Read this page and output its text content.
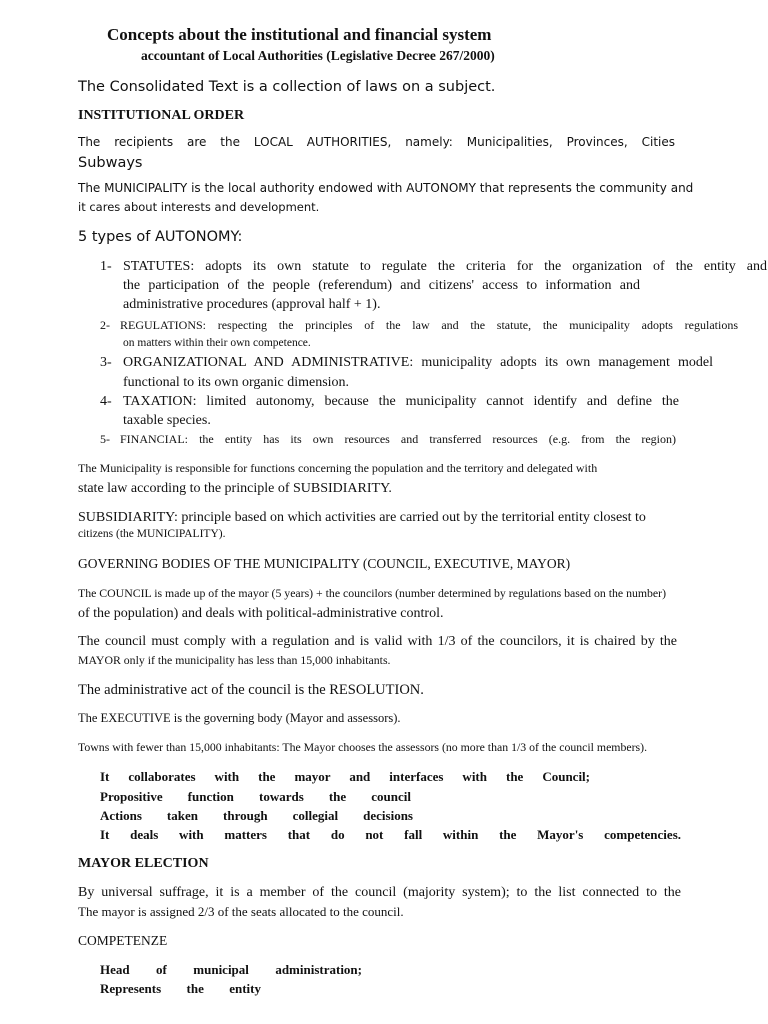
Concepts about the institutional and financial system
accountant of Local Authorities (Legislative Decree 267/2000)
The Consolidated Text is a collection of laws on a subject.
INSTITUTIONAL ORDER
The recipients are the LOCAL AUTHORITIES, namely: Municipalities, Provinces, Cities
Subways
The MUNICIPALITY is the local authority endowed with AUTONOMY that represents the community and
it cares about interests and development.
5 types of AUTONOMY:
1- STATUTES: adopts its own statute to regulate the criteria for the organization of the entity and
the participation of the people (referendum) and citizens' access to information and
administrative procedures (approval half + 1).
2- REGULATIONS: respecting the principles of the law and the statute, the municipality adopts regulations
on matters within their own competence.
3- ORGANIZATIONAL AND ADMINISTRATIVE: municipality adopts its own management model
functional to its own organic dimension.
4- TAXATION: limited autonomy, because the municipality cannot identify and define the
taxable species.
5- FINANCIAL: the entity has its own resources and transferred resources (e.g. from the region)
The Municipality is responsible for functions concerning the population and the territory and delegated with
state law according to the principle of SUBSIDIARITY.
SUBSIDIARITY: principle based on which activities are carried out by the territorial entity closest to
citizens (the MUNICIPALITY).
GOVERNING BODIES OF THE MUNICIPALITY (COUNCIL, EXECUTIVE, MAYOR)
The COUNCIL is made up of the mayor (5 years) + the councilors (number determined by regulations based on the number)
of the population) and deals with political-administrative control.
The council must comply with a regulation and is valid with 1/3 of the councilors, it is chaired by the
MAYOR only if the municipality has less than 15,000 inhabitants.
The administrative act of the council is the RESOLUTION.
The EXECUTIVE is the governing body (Mayor and assessors).
Towns with fewer than 15,000 inhabitants: The Mayor chooses the assessors (no more than 1/3 of the council members).
It collaborates with the mayor and interfaces with the Council;
Propositive function towards the council
Actions taken through collegial decisions
It deals with matters that do not fall within the Mayor's competencies.
MAYOR ELECTION
By universal suffrage, it is a member of the council (majority system); to the list connected to the
The mayor is assigned 2/3 of the seats allocated to the council.
COMPETENZE
Head of municipal administration;
Represents the entity
